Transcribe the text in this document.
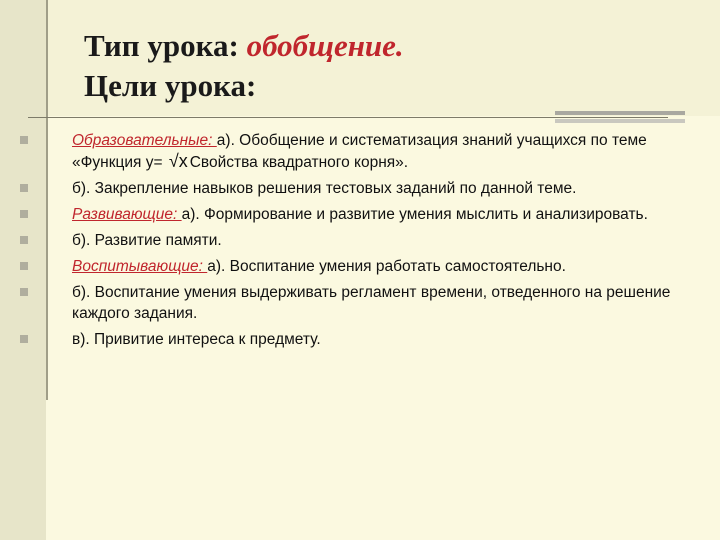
Тип урока: обобщение.
Цели урока:
Образовательные: а). Обобщение и систематизация знаний учащихся по теме «Функция y= √x Свойства квадратного корня».
б). Закрепление навыков решения тестовых заданий по данной теме.
Развивающие: а). Формирование и развитие умения мыслить и анализировать.
б). Развитие памяти.
Воспитывающие: а). Воспитание умения работать самостоятельно.
б). Воспитание умения выдерживать регламент времени, отведенного на решение каждого задания.
в). Привитие интереса к предмету.
